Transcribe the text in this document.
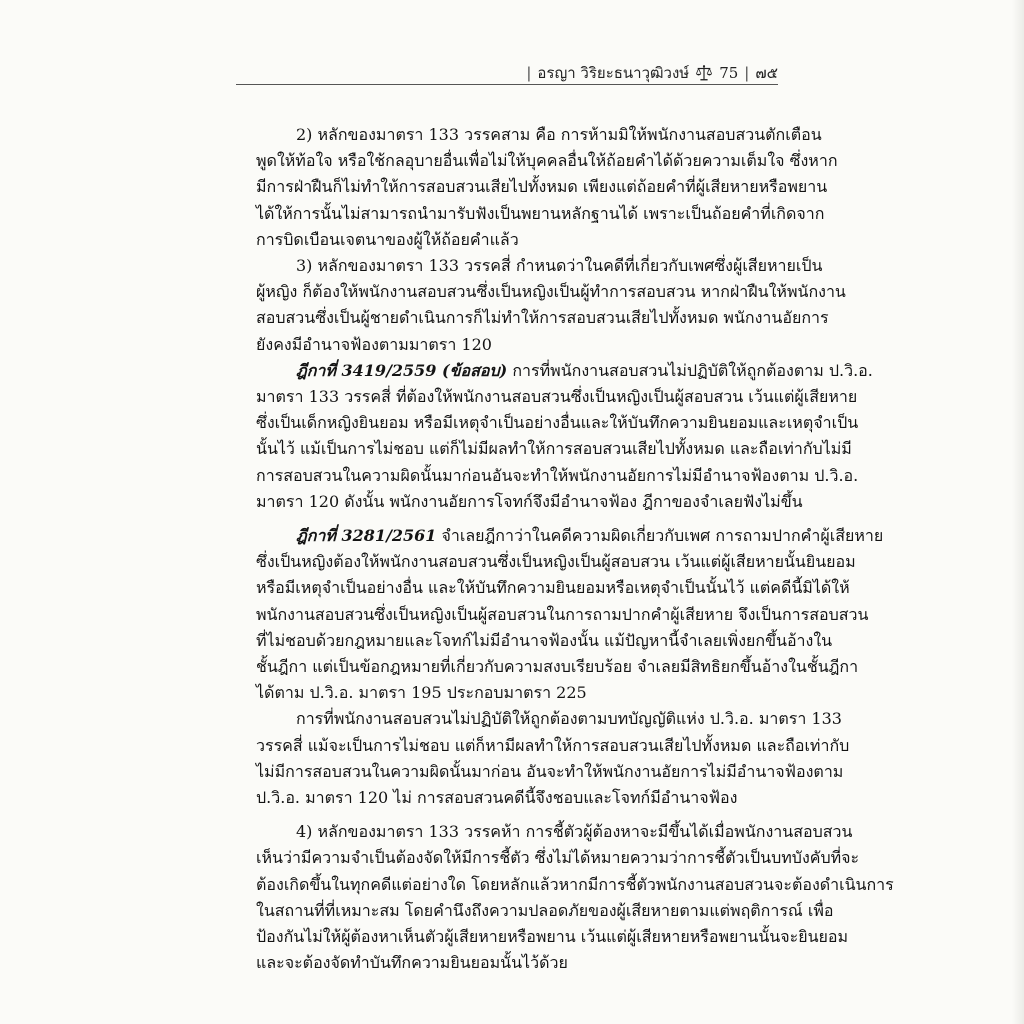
| อรญา วิริยะธนาวุฒิวงษ์ 75 | ๗๕
2) หลักของมาตรา 133 วรรคสาม คือ การห้ามมิให้พนักงานสอบสวนตักเตือน
พูดให้ท้อใจ หรือใช้กลอุบายอื่นเพื่อไม่ให้บุคคลอื่นให้ถ้อยคำได้ด้วยความเต็มใจ ซึ่งหาก
มีการฝ่าฝืนก็ไม่ทำให้การสอบสวนเสียไปทั้งหมด เพียงแต่ถ้อยคำที่ผู้เสียหายหรือพยาน
ได้ให้การนั้นไม่สามารถนำมารับฟังเป็นพยานหลักฐานได้ เพราะเป็นถ้อยคำที่เกิดจาก
การบิดเบือนเจตนาของผู้ให้ถ้อยคำแล้ว
3) หลักของมาตรา 133 วรรคสี่ กำหนดว่าในคดีที่เกี่ยวกับเพศซึ่งผู้เสียหายเป็น
ผู้หญิง ก็ต้องให้พนักงานสอบสวนซึ่งเป็นหญิงเป็นผู้ทำการสอบสวน หากฝ่าฝืนให้พนักงาน
สอบสวนซึ่งเป็นผู้ชายดำเนินการก็ไม่ทำให้การสอบสวนเสียไปทั้งหมด พนักงานอัยการ
ยังคงมีอำนาจฟ้องตามมาตรา 120
ฎีกาที่ 3419/2559 (ข้อสอบ) การที่พนักงานสอบสวนไม่ปฏิบัติให้ถูกต้องตาม ป.วิ.อ.
มาตรา 133 วรรคสี่ ที่ต้องให้พนักงานสอบสวนซึ่งเป็นหญิงเป็นผู้สอบสวน เว้นแต่ผู้เสียหาย
ซึ่งเป็นเด็กหญิงยินยอม หรือมีเหตุจำเป็นอย่างอื่นและให้บันทึกความยินยอมและเหตุจำเป็น
นั้นไว้ แม้เป็นการไม่ชอบ แต่ก็ไม่มีผลทำให้การสอบสวนเสียไปทั้งหมด และถือเท่ากับไม่มี
การสอบสวนในความผิดนั้นมาก่อนอันจะทำให้พนักงานอัยการไม่มีอำนาจฟ้องตาม ป.วิ.อ.
มาตรา 120 ดังนั้น พนักงานอัยการโจทก์จึงมีอำนาจฟ้อง ฎีกาของจำเลยฟังไม่ขึ้น
ฎีกาที่ 3281/2561 จำเลยฎีกาว่าในคดีความผิดเกี่ยวกับเพศ การถามปากคำผู้เสียหาย
ซึ่งเป็นหญิงต้องให้พนักงานสอบสวนซึ่งเป็นหญิงเป็นผู้สอบสวน เว้นแต่ผู้เสียหายนั้นยินยอม
หรือมีเหตุจำเป็นอย่างอื่น และให้บันทึกความยินยอมหรือเหตุจำเป็นนั้นไว้ แต่คดีนี้มิได้ให้
พนักงานสอบสวนซึ่งเป็นหญิงเป็นผู้สอบสวนในการถามปากคำผู้เสียหาย จึงเป็นการสอบสวน
ที่ไม่ชอบด้วยกฎหมายและโจทก์ไม่มีอำนาจฟ้องนั้น แม้ปัญหานี้จำเลยเพิ่งยกขึ้นอ้างใน
ชั้นฎีกา แต่เป็นข้อกฎหมายที่เกี่ยวกับความสงบเรียบร้อย จำเลยมีสิทธิยกขึ้นอ้างในชั้นฎีกา
ได้ตาม ป.วิ.อ. มาตรา 195 ประกอบมาตรา 225
การที่พนักงานสอบสวนไม่ปฏิบัติให้ถูกต้องตามบทบัญญัติแห่ง ป.วิ.อ. มาตรา 133
วรรคสี่ แม้จะเป็นการไม่ชอบ แต่ก็หามีผลทำให้การสอบสวนเสียไปทั้งหมด และถือเท่ากับ
ไม่มีการสอบสวนในความผิดนั้นมาก่อน อันจะทำให้พนักงานอัยการไม่มีอำนาจฟ้องตาม
ป.วิ.อ. มาตรา 120 ไม่ การสอบสวนคดีนี้จึงชอบและโจทก์มีอำนาจฟ้อง
4) หลักของมาตรา 133 วรรคห้า การชี้ตัวผู้ต้องหาจะมีขึ้นได้เมื่อพนักงานสอบสวน
เห็นว่ามีความจำเป็นต้องจัดให้มีการชี้ตัว ซึ่งไม่ได้หมายความว่าการชี้ตัวเป็นบทบังคับที่จะ
ต้องเกิดขึ้นในทุกคดีแต่อย่างใด โดยหลักแล้วหากมีการชี้ตัวพนักงานสอบสวนจะต้องดำเนินการ
ในสถานที่ที่เหมาะสม โดยคำนึงถึงความปลอดภัยของผู้เสียหายตามแต่พฤติการณ์ เพื่อ
ป้องกันไม่ให้ผู้ต้องหาเห็นตัวผู้เสียหายหรือพยาน เว้นแต่ผู้เสียหายหรือพยานนั้นจะยินยอม
และจะต้องจัดทำบันทึกความยินยอมนั้นไว้ด้วย
